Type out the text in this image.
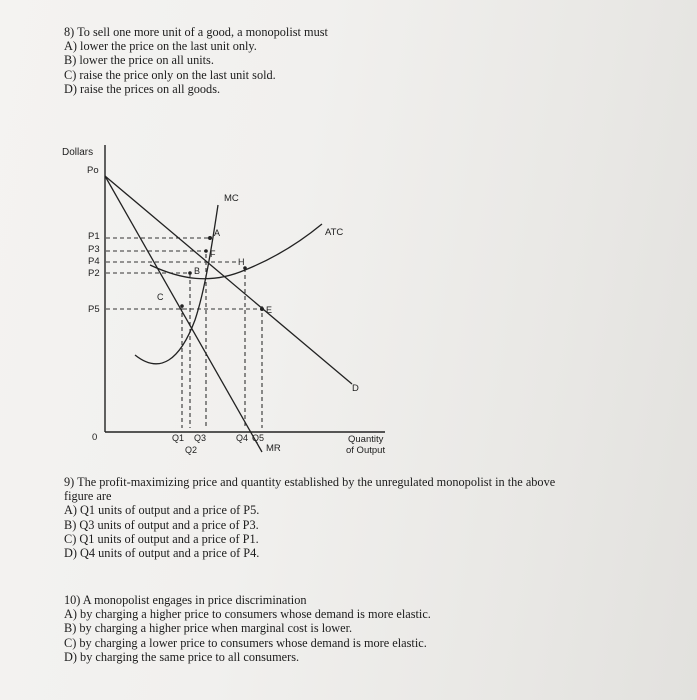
8) To sell one more unit of a good, a monopolist must
A) lower the price on the last unit only.
B) lower the price on all units.
C) raise the price only on the last unit sold.
D) raise the prices on all goods.
Dollars
Po
P1
P3
P4
P2
P5
0
MC
ATC
D
MR
A
F
H
B
C
E
Q1 Q3
Q2
Q4 Q5	Quantity
of Output
9) The profit-maximizing price and quantity established by the unregulated monopolist in the above figure are
A) Q1 units of output and a price of P5.
B) Q3 units of output and a price of P3.
C) Q1 units of output and a price of P1.
D) Q4 units of output and a price of P4.
10) A monopolist engages in price discrimination
A) by charging a higher price to consumers whose demand is more elastic.
B) by charging a higher price when marginal cost is lower.
C) by charging a lower price to consumers whose demand is more elastic.
D) by charging the same price to all consumers.
